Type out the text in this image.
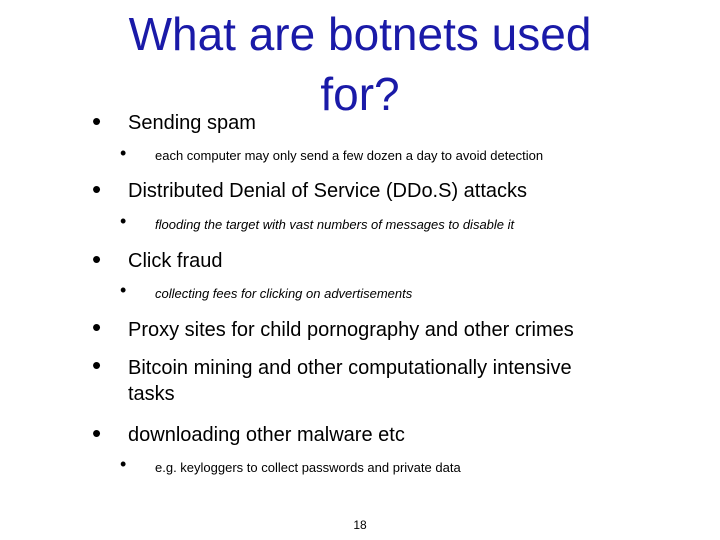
What are botnets used
for?
• Sending spam
• each computer may only send a few dozen a day to avoid detection
• Distributed Denial of Service (DDo.S) attacks
• flooding the target with vast numbers of messages to disable it
• Click fraud
• collecting fees for clicking on advertisements
• Proxy sites for child pornography and other crimes
• Bitcoin mining and other computationally intensive
tasks
• downloading other malware etc
• e.g. keyloggers to collect passwords and private data
18
